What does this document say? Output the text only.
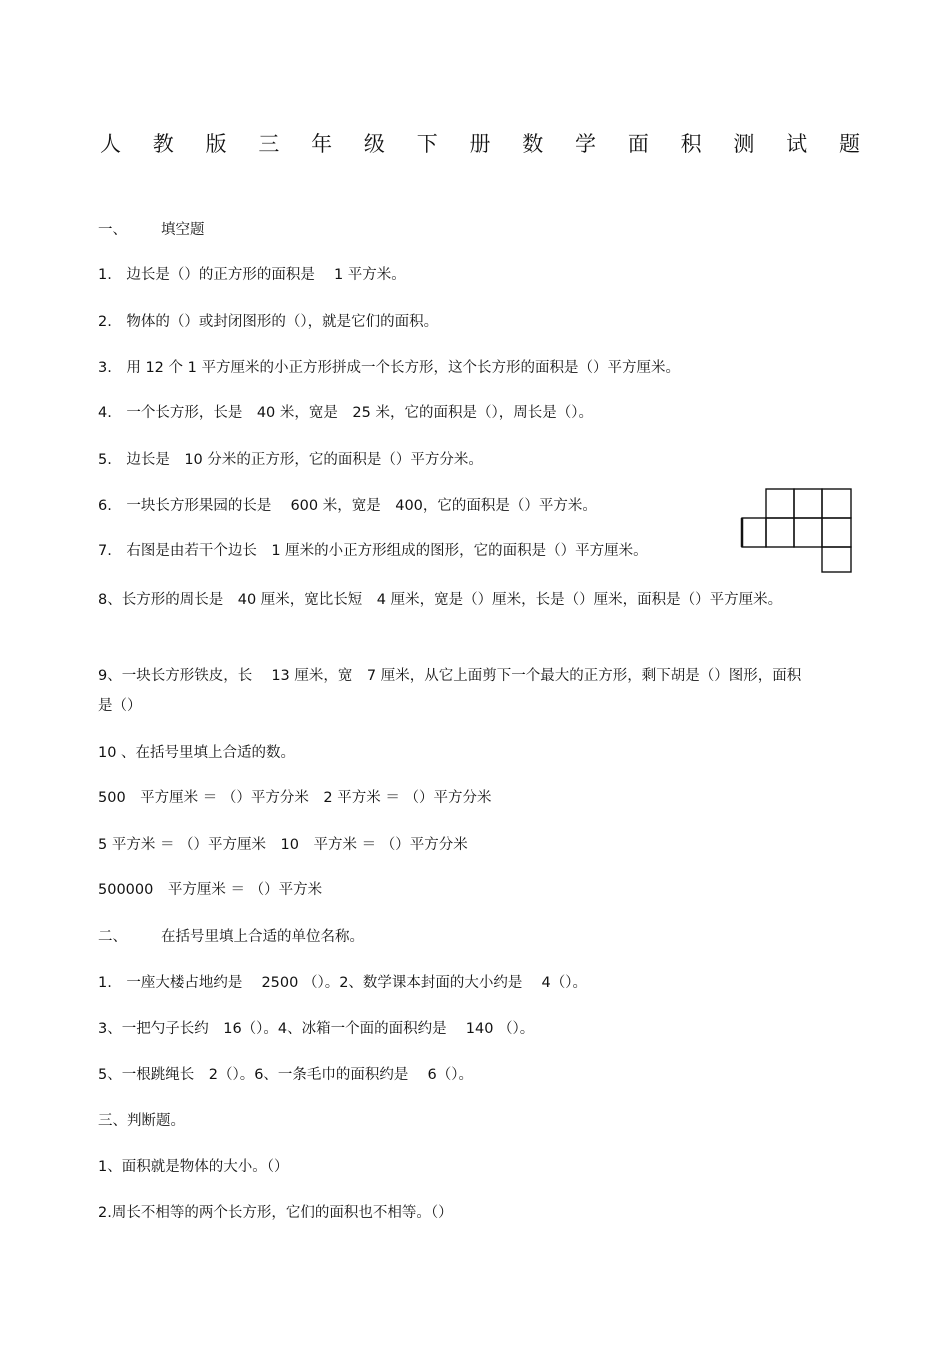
人 教 版 三 年 级 下 册 数 学 面 积 测 试 题
一、 填空题
1.　边长是（）的正方形的面积是　 1 平方米。
2.　物体的（）或封闭图形的（），就是它们的面积。
3.　用 12 个 1 平方厘米的小正方形拼成一个长方形，这个长方形的面积是（）平方厘米。
4.　一个长方形，长是　40 米，宽是　25 米，它的面积是（），周长是（）。
5.　边长是　10 分米的正方形，它的面积是（）平方分米。
6.　一块长方形果园的长是　 600 米，宽是　400，它的面积是（）平方米。
7.　右图是由若干个边长　1 厘米的小正方形组成的图形，它的面积是（）平方厘米。
8、长方形的周长是　40 厘米，宽比长短　4 厘米，宽是（）厘米，长是（）厘米，面积是（）平方厘米。
9、一块长方形铁皮，长　 13 厘米，宽　7 厘米，从它上面剪下一个最大的正方形，剩下胡是（）图形，面积是（）
10 、在括号里填上合适的数。
500　平方厘米 ＝ （）平方分米　2 平方米 ＝ （）平方分米
5 平方米 ＝ （）平方厘米　10　平方米 ＝ （）平方分米
500000　平方厘米 ＝ （）平方米
二、 在括号里填上合适的单位名称。
1.　一座大楼占地约是　 2500 （）。2、数学课本封面的大小约是　 4（）。
3、一把勺子长约　16（）。4、冰箱一个面的面积约是　 140 （）。
5、一根跳绳长　2（）。6、一条毛巾的面积约是　 6（）。
三、判断题。
1、面积就是物体的大小。（）
2.周长不相等的两个长方形，它们的面积也不相等。（）
